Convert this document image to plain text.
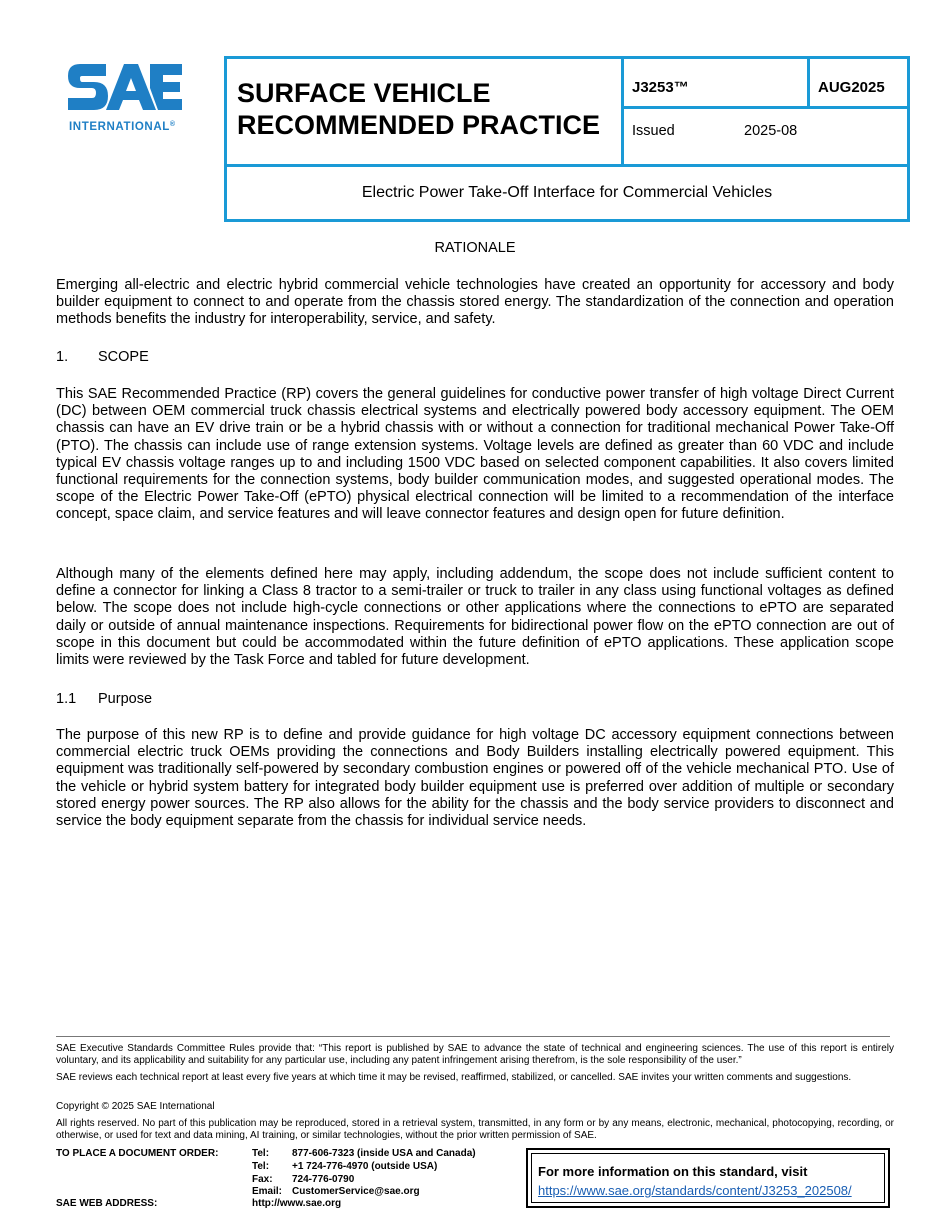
INTERNATIONAL®
SURFACE VEHICLE
RECOMMENDED PRACTICE
J3253™	AUG2025
Issued	2025-08
Electric Power Take-Off Interface for Commercial Vehicles
RATIONALE
Emerging all-electric and electric hybrid commercial vehicle technologies have created an opportunity for accessory and body builder equipment to connect to and operate from the chassis stored energy. The standardization of the connection and operation methods benefits the industry for interoperability, service, and safety.
1. SCOPE
This SAE Recommended Practice (RP) covers the general guidelines for conductive power transfer of high voltage Direct Current (DC) between OEM commercial truck chassis electrical systems and electrically powered body accessory equipment. The OEM chassis can have an EV drive train or be a hybrid chassis with or without a connection for traditional mechanical Power Take-Off (PTO). The chassis can include use of range extension systems. Voltage levels are defined as greater than 60 VDC and include typical EV chassis voltage ranges up to and including 1500 VDC based on selected component capabilities. It also covers limited functional requirements for the connection systems, body builder communication modes, and suggested operational modes. The scope of the Electric Power Take-Off (ePTO) physical electrical connection will be limited to a recommendation of the interface concept, space claim, and service features and will leave connector features and design open for future definition.
Although many of the elements defined here may apply, including addendum, the scope does not include sufficient content to define a connector for linking a Class 8 tractor to a semi-trailer or truck to trailer in any class using functional voltages as defined below. The scope does not include high-cycle connections or other applications where the connections to ePTO are separated daily or outside of annual maintenance inspections. Requirements for bidirectional power flow on the ePTO connection are out of scope in this document but could be accommodated within the future definition of ePTO applications. These application scope limits were reviewed by the Task Force and tabled for future development.
1.1 Purpose
The purpose of this new RP is to define and provide guidance for high voltage DC accessory equipment connections between commercial electric truck OEMs providing the connections and Body Builders installing electrically powered equipment. This equipment was traditionally self-powered by secondary combustion engines or powered off of the vehicle mechanical PTO. Use of the vehicle or hybrid system battery for integrated body builder equipment use is preferred over addition of multiple or secondary stored energy power sources. The RP also allows for the ability for the chassis and the body service providers to disconnect and service the body equipment separate from the chassis for individual service needs.
SAE Executive Standards Committee Rules provide that: “This report is published by SAE to advance the state of technical and engineering sciences. The use of this report is entirely voluntary, and its applicability and suitability for any particular use, including any patent infringement arising therefrom, is the sole responsibility of the user.”
SAE reviews each technical report at least every five years at which time it may be revised, reaffirmed, stabilized, or cancelled. SAE invites your written comments and suggestions.
Copyright © 2025 SAE International
All rights reserved. No part of this publication may be reproduced, stored in a retrieval system, transmitted, in any form or by any means, electronic, mechanical, photocopying, recording, or otherwise, or used for text and data mining, AI training, or similar technologies, without the prior written permission of SAE.
TO PLACE A DOCUMENT ORDER:
SAE WEB ADDRESS:
Tel: 877-606-7323 (inside USA and Canada)
Tel: +1 724-776-4970 (outside USA)
Fax: 724-776-0790
Email: CustomerService@sae.org
http://www.sae.org
For more information on this standard, visit
https://www.sae.org/standards/content/J3253_202508/
